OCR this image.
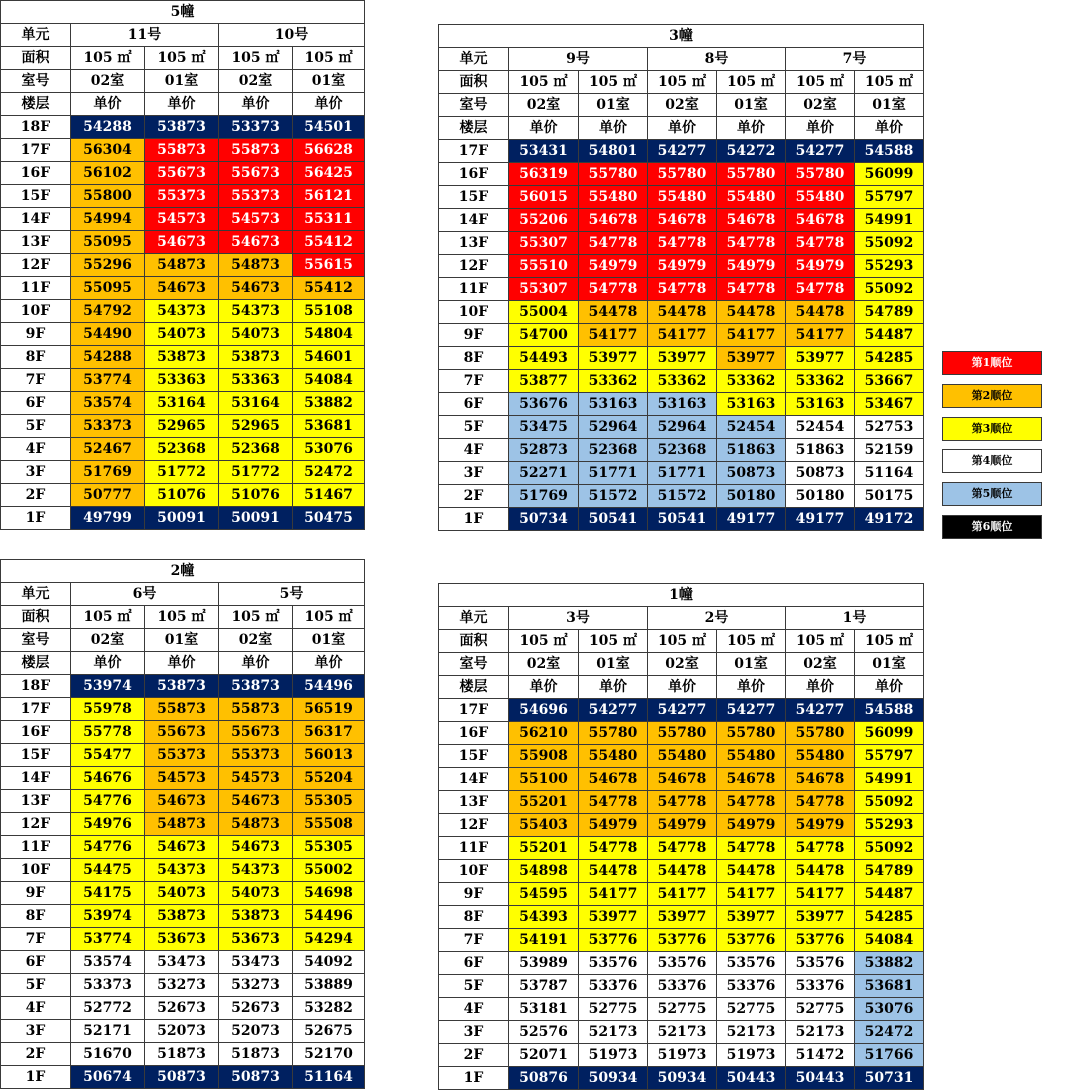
5幢				
单元	11号		10号	
面积	105 ㎡	105 ㎡	105 ㎡	105 ㎡
室号	02室	01室	02室	01室
楼层	单价	单价	单价	单价
18F	54288	53873	53373	54501
17F	56304	55873	55873	56628
16F	56102	55673	55673	56425
15F	55800	55373	55373	56121
14F	54994	54573	54573	55311
13F	55095	54673	54673	55412
12F	55296	54873	54873	55615
11F	55095	54673	54673	55412
10F	54792	54373	54373	55108
9F	54490	54073	54073	54804
8F	54288	53873	53873	54601
7F	53774	53363	53363	54084
6F	53574	53164	53164	53882
5F	53373	52965	52965	53681
4F	52467	52368	52368	53076
3F	51769	51772	51772	52472
2F	50777	51076	51076	51467
1F	49799	50091	50091	50475
3幢						
单元	9号		8号		7号	
面积	105 ㎡	105 ㎡	105 ㎡	105 ㎡	105 ㎡	105 ㎡
室号	02室	01室	02室	01室	02室	01室
楼层	单价	单价	单价	单价	单价	单价
17F	53431	54801	54277	54272	54277	54588
16F	56319	55780	55780	55780	55780	56099
15F	56015	55480	55480	55480	55480	55797
14F	55206	54678	54678	54678	54678	54991
13F	55307	54778	54778	54778	54778	55092
12F	55510	54979	54979	54979	54979	55293
11F	55307	54778	54778	54778	54778	55092
10F	55004	54478	54478	54478	54478	54789
9F	54700	54177	54177	54177	54177	54487
8F	54493	53977	53977	53977	53977	54285
7F	53877	53362	53362	53362	53362	53667
6F	53676	53163	53163	53163	53163	53467
5F	53475	52964	52964	52454	52454	52753
4F	52873	52368	52368	51863	51863	52159
3F	52271	51771	51771	50873	50873	51164
2F	51769	51572	51572	50180	50180	50175
1F	50734	50541	50541	49177	49177	49172
2幢				
单元	6号		5号	
面积	105 ㎡	105 ㎡	105 ㎡	105 ㎡
室号	02室	01室	02室	01室
楼层	单价	单价	单价	单价
18F	53974	53873	53873	54496
17F	55978	55873	55873	56519
16F	55778	55673	55673	56317
15F	55477	55373	55373	56013
14F	54676	54573	54573	55204
13F	54776	54673	54673	55305
12F	54976	54873	54873	55508
11F	54776	54673	54673	55305
10F	54475	54373	54373	55002
9F	54175	54073	54073	54698
8F	53974	53873	53873	54496
7F	53774	53673	53673	54294
6F	53574	53473	53473	54092
5F	53373	53273	53273	53889
4F	52772	52673	52673	53282
3F	52171	52073	52073	52675
2F	51670	51873	51873	52170
1F	50674	50873	50873	51164
1幢						
单元	3号		2号		1号	
面积	105 ㎡	105 ㎡	105 ㎡	105 ㎡	105 ㎡	105 ㎡
室号	02室	01室	02室	01室	02室	01室
楼层	单价	单价	单价	单价	单价	单价
17F	54696	54277	54277	54277	54277	54588
16F	56210	55780	55780	55780	55780	56099
15F	55908	55480	55480	55480	55480	55797
14F	55100	54678	54678	54678	54678	54991
13F	55201	54778	54778	54778	54778	55092
12F	55403	54979	54979	54979	54979	55293
11F	55201	54778	54778	54778	54778	55092
10F	54898	54478	54478	54478	54478	54789
9F	54595	54177	54177	54177	54177	54487
8F	54393	53977	53977	53977	53977	54285
7F	54191	53776	53776	53776	53776	54084
6F	53989	53576	53576	53576	53576	53882
5F	53787	53376	53376	53376	53376	53681
4F	53181	52775	52775	52775	52775	53076
3F	52576	52173	52173	52173	52173	52472
2F	52071	51973	51973	51973	51472	51766
1F	50876	50934	50934	50443	50443	50731
第1顺位
第2顺位
第3顺位
第4顺位
第5顺位
第6顺位
